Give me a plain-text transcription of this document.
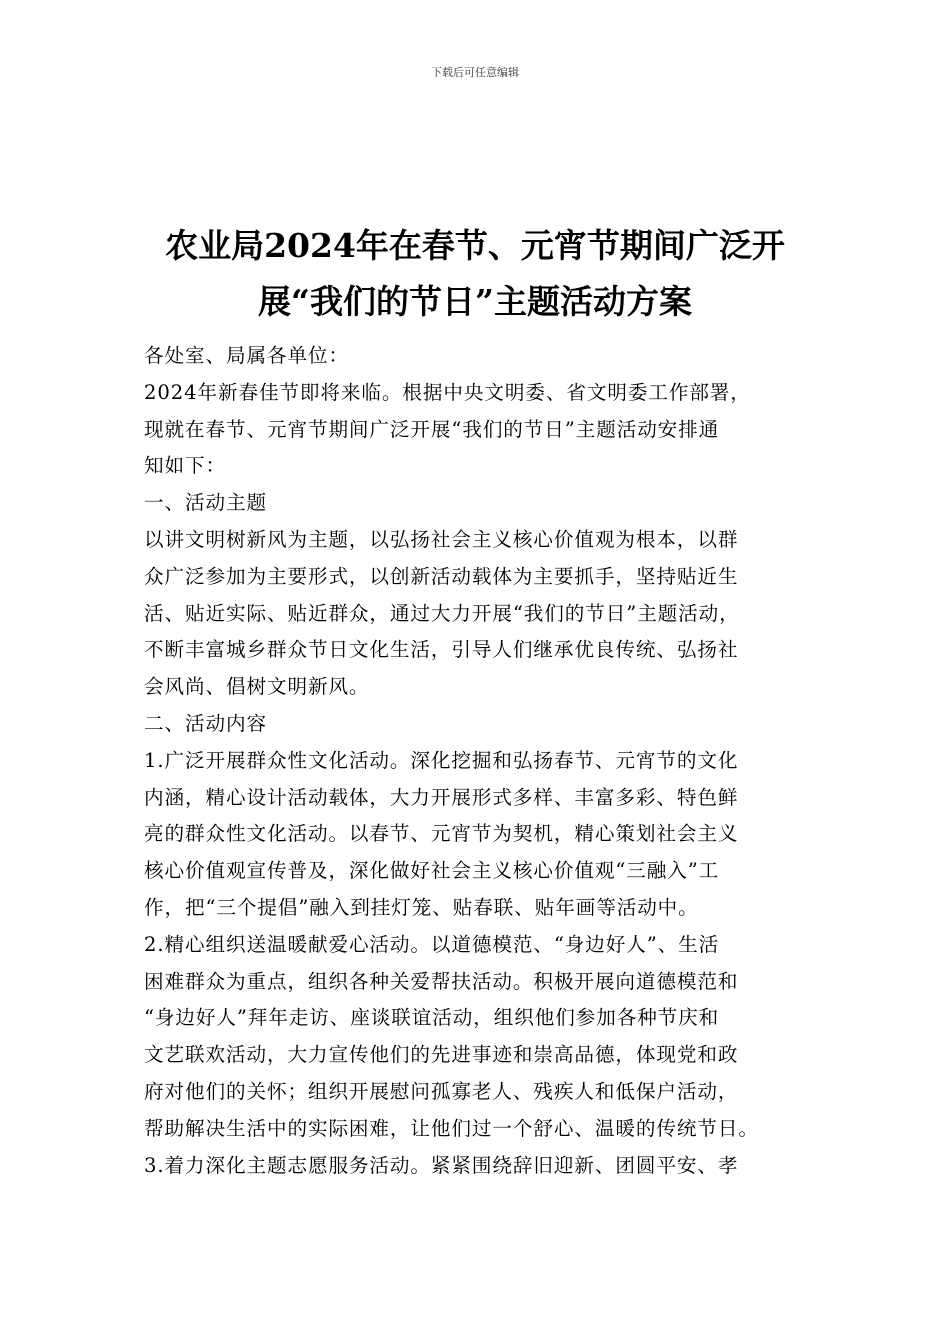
下载后可任意编辑
农业局2024年在春节、元宵节期间广泛开
展“我们的节日”主题活动方案
各处室、局属各单位：
2024年新春佳节即将来临。根据中央文明委、省文明委工作部署，
现就在春节、元宵节期间广泛开展“我们的节日”主题活动安排通
知如下：
一、活动主题
以讲文明树新风为主题，以弘扬社会主义核心价值观为根本，以群
众广泛参加为主要形式，以创新活动载体为主要抓手，坚持贴近生
活、贴近实际、贴近群众，通过大力开展“我们的节日”主题活动，
不断丰富城乡群众节日文化生活，引导人们继承优良传统、弘扬社
会风尚、倡树文明新风。
二、活动内容
1.广泛开展群众性文化活动。深化挖掘和弘扬春节、元宵节的文化
内涵，精心设计活动载体，大力开展形式多样、丰富多彩、特色鲜
亮的群众性文化活动。以春节、元宵节为契机，精心策划社会主义
核心价值观宣传普及，深化做好社会主义核心价值观“三融入”工
作，把“三个提倡”融入到挂灯笼、贴春联、贴年画等活动中。
2.精心组织送温暖献爱心活动。以道德模范、“身边好人”、生活
困难群众为重点，组织各种关爱帮扶活动。积极开展向道德模范和
“身边好人”拜年走访、座谈联谊活动，组织他们参加各种节庆和
文艺联欢活动，大力宣传他们的先进事迹和崇高品德，体现党和政
府对他们的关怀；组织开展慰问孤寡老人、残疾人和低保户活动，
帮助解决生活中的实际困难，让他们过一个舒心、温暖的传统节日。
3.着力深化主题志愿服务活动。紧紧围绕辞旧迎新、团圆平安、孝
